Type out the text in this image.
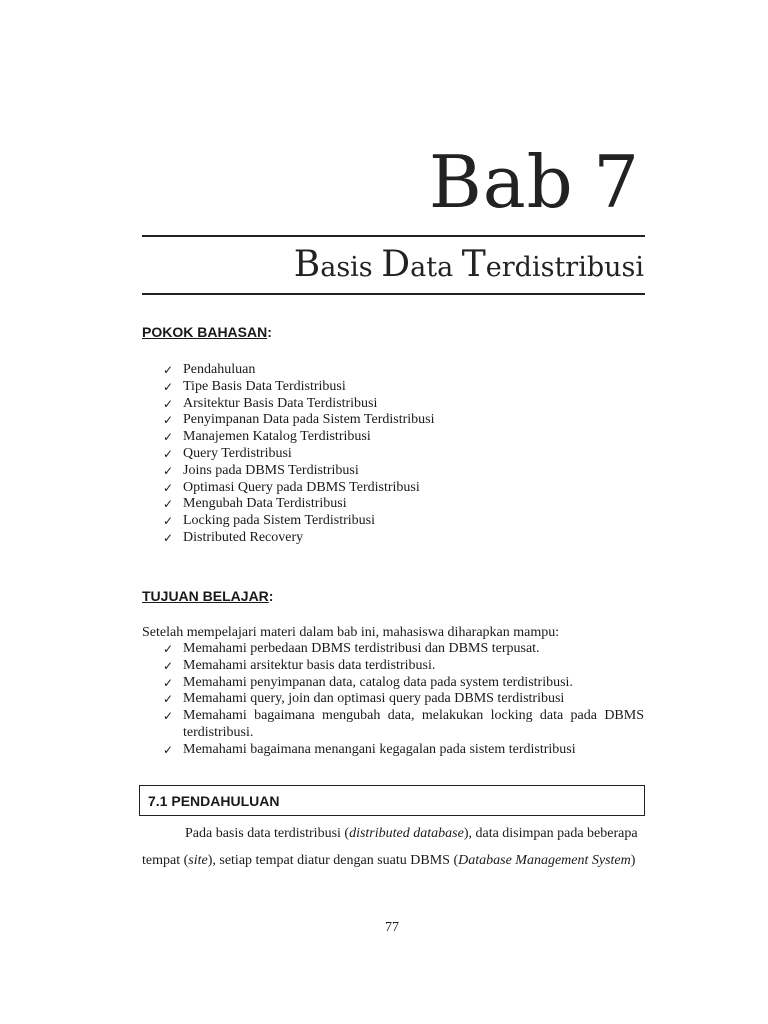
Bab 7
Basis Data Terdistribusi
POKOK BAHASAN:
✓ Pendahuluan
✓ Tipe Basis Data Terdistribusi
✓ Arsitektur Basis Data Terdistribusi
✓ Penyimpanan Data pada Sistem Terdistribusi
✓ Manajemen Katalog Terdistribusi
✓ Query Terdistribusi
✓ Joins pada DBMS Terdistribusi
✓ Optimasi Query pada DBMS Terdistribusi
✓ Mengubah Data Terdistribusi
✓ Locking pada Sistem Terdistribusi
✓ Distributed Recovery
TUJUAN BELAJAR:
Setelah mempelajari materi dalam bab ini, mahasiswa diharapkan mampu:
✓ Memahami perbedaan DBMS terdistribusi dan DBMS terpusat.
✓ Memahami arsitektur basis data terdistribusi.
✓ Memahami penyimpanan data, catalog data pada system terdistribusi.
✓ Memahami query, join dan optimasi query pada DBMS terdistribusi
✓ Memahami bagaimana mengubah data, melakukan locking data pada DBMS terdistribusi.
✓ Memahami bagaimana menangani kegagalan pada sistem terdistribusi
7.1 PENDAHULUAN
Pada basis data terdistribusi (distributed database), data disimpan pada beberapa
tempat (site), setiap tempat diatur dengan suatu DBMS (Database Management System)
77
